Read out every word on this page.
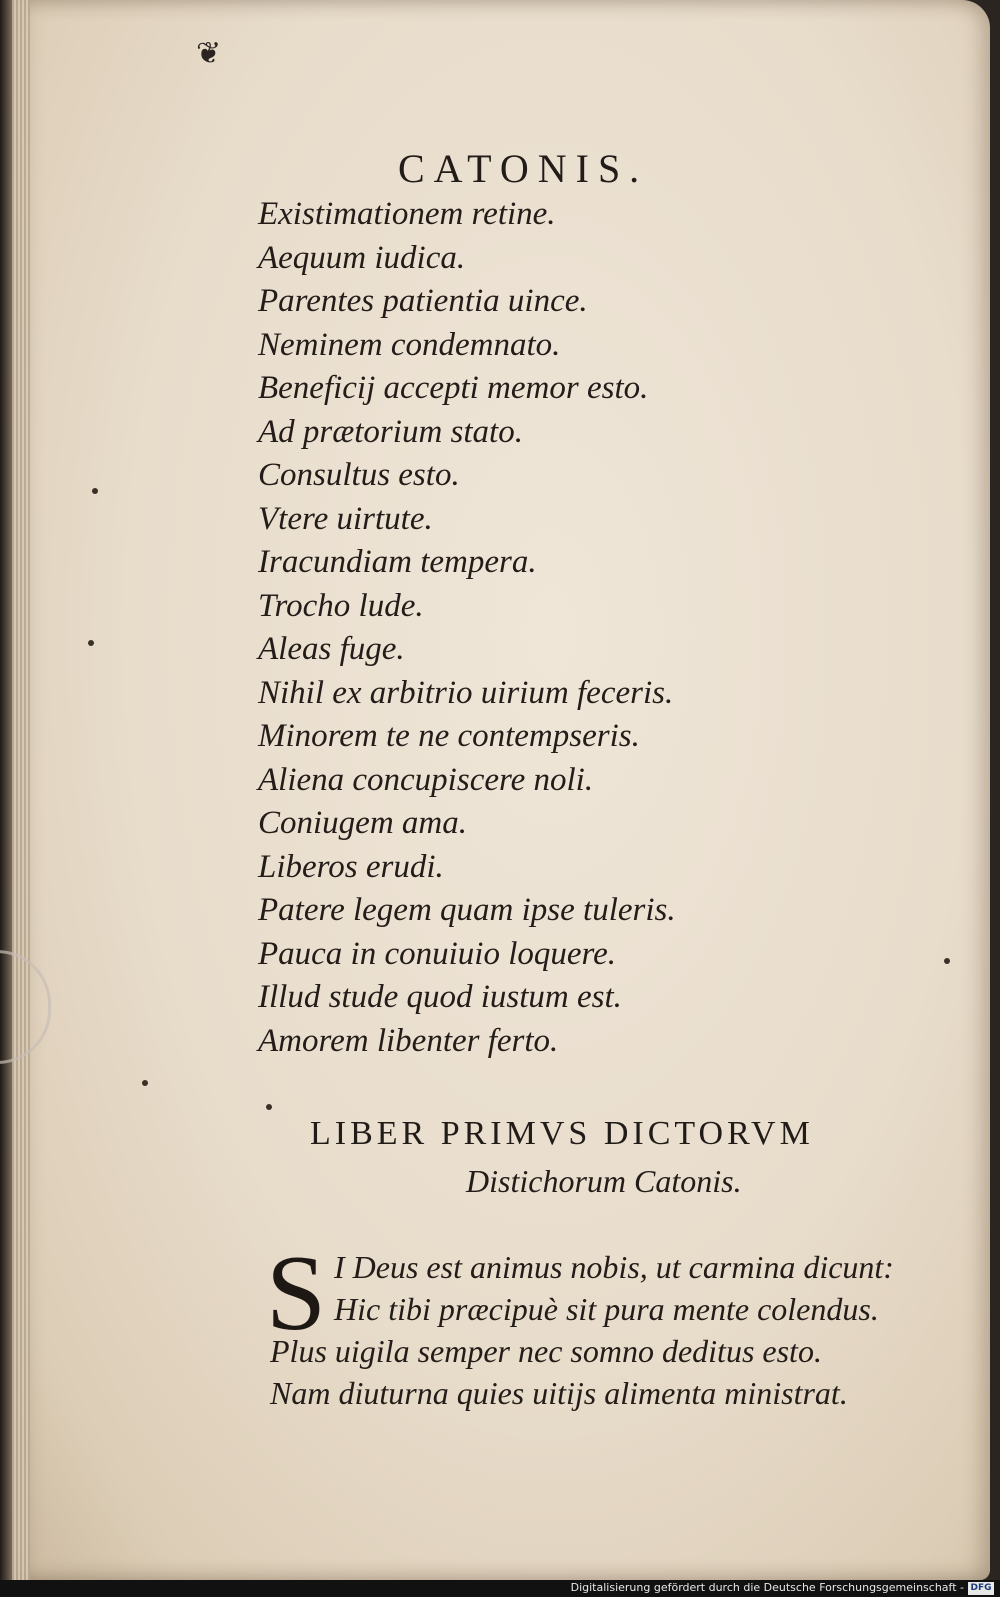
❦
CATONIS.
Existimationem retine.
Aequum iudica.
Parentes patientia uince.
Neminem condemnato.
Beneficij accepti memor esto.
Ad prætorium stato.
Consultus esto.
Vtere uirtute.
Iracundiam tempera.
Trocho lude.
Aleas fuge.
Nihil ex arbitrio uirium feceris.
Minorem te ne contempseris.
Aliena concupiscere noli.
Coniugem ama.
Liberos erudi.
Patere legem quam ipse tuleris.
Pauca in conuiuio loquere.
Illud stude quod iustum est.
Amorem libenter ferto.
LIBER PRIMVS DICTORVM
Distichorum Catonis.
S I Deus est animus nobis, ut carmina dicunt:
Hic tibi præcipuè sit pura mente colendus.
Plus uigila semper nec somno deditus esto.
Nam diuturna quies uitijs alimenta ministrat.
Digitalisierung gefördert durch die Deutsche Forschungsgemeinschaft - DFG
